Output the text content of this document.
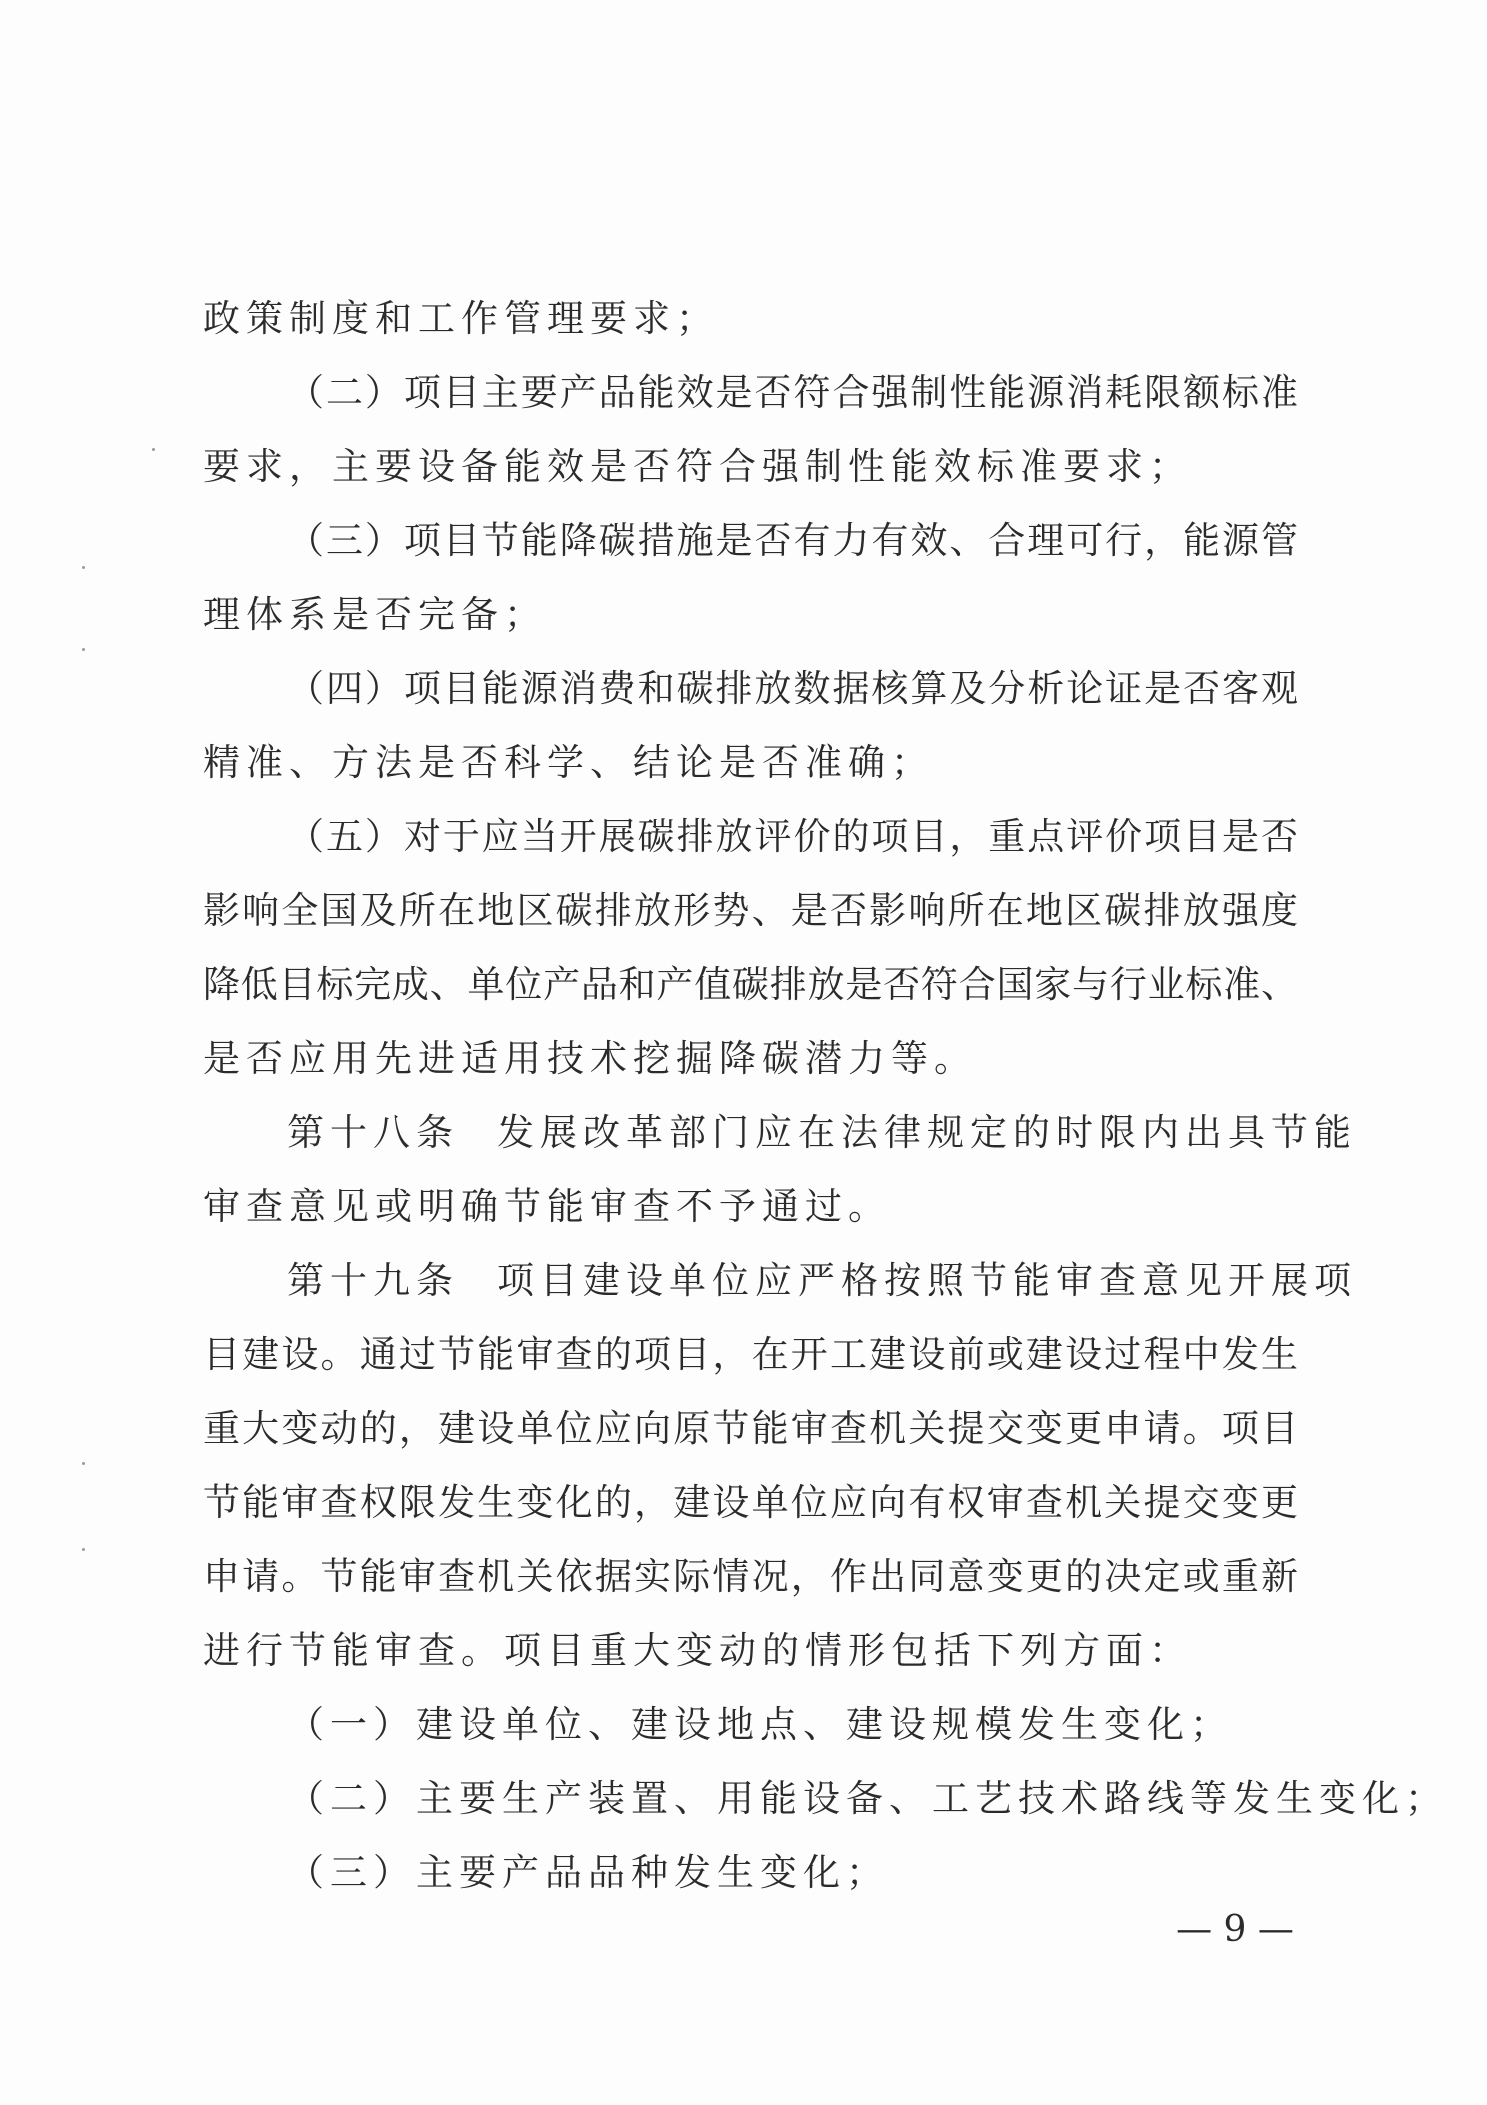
政策制度和工作管理要求；
（二）项目主要产品能效是否符合强制性能源消耗限额标准
要求，主要设备能效是否符合强制性能效标准要求；
（三）项目节能降碳措施是否有力有效、合理可行，能源管
理体系是否完备；
（四）项目能源消费和碳排放数据核算及分析论证是否客观
精准、方法是否科学、结论是否准确；
（五）对于应当开展碳排放评价的项目，重点评价项目是否
影响全国及所在地区碳排放形势、是否影响所在地区碳排放强度
降低目标完成、单位产品和产值碳排放是否符合国家与行业标准、
是否应用先进适用技术挖掘降碳潜力等。
第十八条 发展改革部门应在法律规定的时限内出具节能
审查意见或明确节能审查不予通过。
第十九条 项目建设单位应严格按照节能审查意见开展项
目建设。通过节能审查的项目，在开工建设前或建设过程中发生
重大变动的，建设单位应向原节能审查机关提交变更申请。项目
节能审查权限发生变化的，建设单位应向有权审查机关提交变更
申请。节能审查机关依据实际情况，作出同意变更的决定或重新
进行节能审查。项目重大变动的情形包括下列方面：
（一）建设单位、建设地点、建设规模发生变化；
（二）主要生产装置、用能设备、工艺技术路线等发生变化；
（三）主要产品品种发生变化；
— 9 —
